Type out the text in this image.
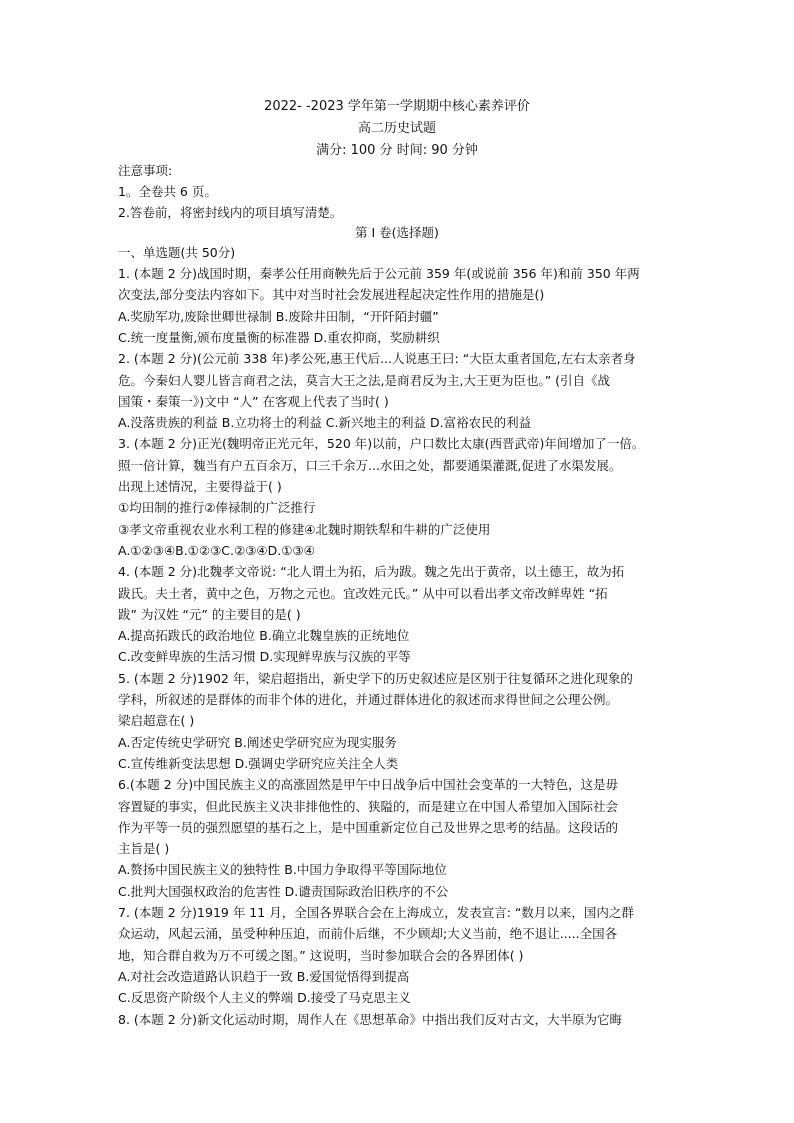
2022- -2023 学年第一学期期中核心素养评价
高二历史试题
满分: 100 分 时间: 90 分钟
注意事项:
1。全卷共 6 页。
2.答卷前，将密封线内的项目填写清楚。
第 I 卷(选择题)
一、单选题(共 50分)
1. (本题 2 分)战国时期，秦孝公任用商鞅先后于公元前 359 年(或说前 356 年)和前 350 年两
次变法,部分变法内容如下。其中对当时社会发展进程起决定性作用的措施是()
A.奖励军功,废除世卿世禄制 B.废除井田制，“开阡陌封疆”
C.统一度量衡,颁布度量衡的标准器 D.重农抑商，奖励耕织
2. (本题 2 分)(公元前 338 年)孝公死,惠王代后...人说惠王曰: “大臣太重者国危,左右太亲者身
危。今秦妇人婴儿皆言商君之法，莫言大王之法,是商君反为主,大王更为臣也。” (引自《战
国策・秦策一》)文中 “人” 在客观上代表了当时( )
A.没落贵族的利益 B.立功将士的利益 C.新兴地主的利益 D.富裕农民的利益
3. (本题 2 分)正光(魏明帝正光元年，520 年)以前，户口数比太康(西晋武帝)年间增加了一倍。
照一倍计算，魏当有户五百余万，口三千余万...水田之处，都要通渠灌溉,促进了水渠发展。
出现上述情况，主要得益于( )
①均田制的推行②俸禄制的广泛推行
③孝文帝重视农业水利工程的修建④北魏时期铁犁和牛耕的广泛使用
A.①②③④B.①②③C.②③④D.①③④
4. (本题 2 分)北魏孝文帝说: “北人谓土为拓，后为跋。魏之先出于黄帝，以土德王，故为拓
跋氏。夫土者，黄中之色，万物之元也。宜改姓元氏。” 从中可以看出孝文帝改鲜卑姓 “拓
跋” 为汉姓 “元” 的主要目的是( )
A.提高拓跋氏的政治地位 B.确立北魏皇族的正统地位
C.改变鲜卑族的生活习惯 D.实现鲜卑族与汉族的平等
5. (本题 2 分)1902 年，梁启超指出，新史学下的历史叙述应是区别于往复循环之进化现象的
学科，所叙述的是群体的而非个体的进化，并通过群体进化的叙述而求得世间之公理公例。
梁启超意在( )
A.否定传统史学研究 B.阐述史学研究应为现实服务
C.宣传维新变法思想 D.强调史学研究应关注全人类
6.(本题 2 分)中国民族主义的高涨固然是甲午中日战争后中国社会变革的一大特色，这是毋
容置疑的事实，但此民族主义决非排他性的、狭隘的，而是建立在中国人希望加入国际社会
作为平等一员的强烈愿望的基石之上，是中国重新定位自己及世界之思考的结晶。这段话的
主旨是( )
A.赘扬中国民族主义的独特性 B.中国力争取得平等国际地位
C.批判大国强权政治的危害性 D.谴责国际政治旧秩序的不公
7. (本题 2 分)1919 年 11 月，全国各界联合会在上海成立，发表宣言: “数月以来，国内之群
众运动，风起云涌，虽受种种压迫，而前仆后继，不少顾却;大义当前，绝不退让.....全国各
地，知合群自救为万不可缓之图。” 这说明，当时参加联合会的各界团体( )
A.对社会改造道路认识趋于一致 B.爱国觉悟得到提高
C.反思资产阶级个人主义的弊端 D.接受了马克思主义
8. (本题 2 分)新文化运动时期，周作人在《思想革命》中指出我们反对古文，大半原为它晦
